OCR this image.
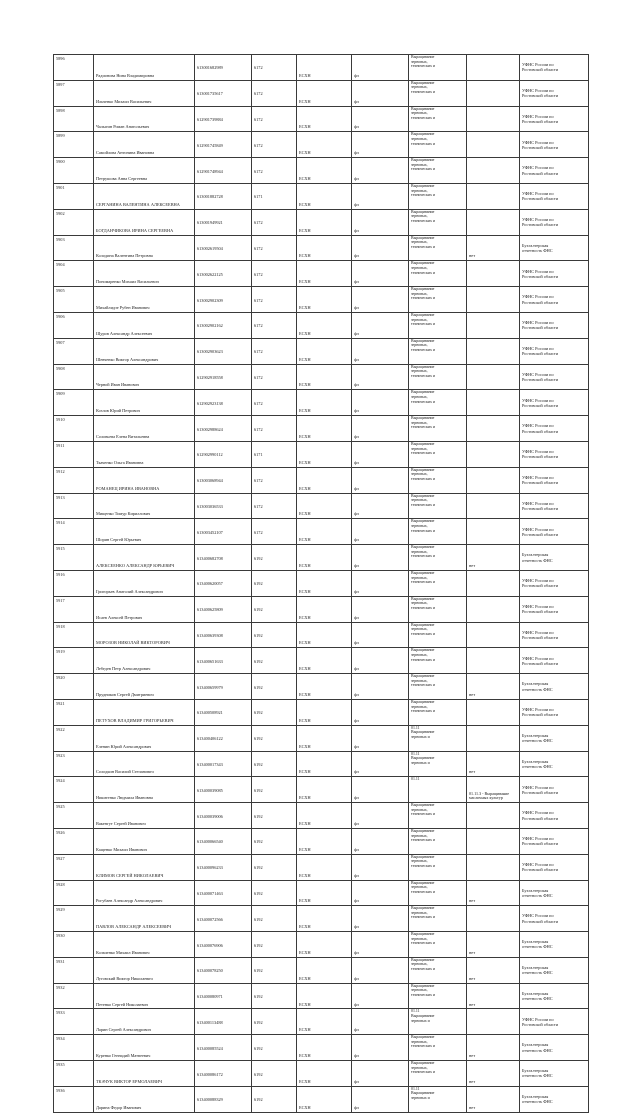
5896	Радионова Нина Владимировна	613001682989	6172	ЕСХН	фл	Выращивание
зерновых,
технических и		УФНС России по
Ростовской области

5897	Ильченко Михаил Васильевич	613001735617	6172	ЕСХН	фл	Выращивание
зерновых,
технических и		УФНС России по
Ростовской области

5898	Чалыгин Роман Анатольевич	612901739884	6172	ЕСХН	фл	Выращивание
зерновых,
технических и		УФНС России по
Ростовской области

5899	Самойлова Антонина Ивановна	612901745849	6172	ЕСХН	фл	Выращивание
зерновых,
технических и		УФНС России по
Ростовской области

5900	Петрушова Анна Сергеевна	612901748944	6172	ЕСХН	фл	Выращивание
зерновых,
технических и		УФНС России по
Ростовской области

5901	СЕРГАНИНА ВАЛЕНТИНА АЛЕКСЕЕВНА	613001882728	6171	ЕСХН	фл	Выращивание
зерновых,
технических и		УФНС России по
Ростовской области

5902	БОГДАНЧИКОВА ИРИНА СЕРГЕЕВНА	613001949921	6172	ЕСХН	фл	Выращивание
зерновых,
технических и		УФНС России по
Ростовской области

5903	Колодина Валентина Петровна	613002619504	6172	ЕСХН	фл	Выращивание
зерновых,
технических и	нет	Бухгалтерская
отчетность ФНС

5904	Пономаренко Михаил Васильевич	613002622125	6172	ЕСХН	фл	Выращивание
зерновых,
технических и		УФНС России по
Ростовской области

5905	Михайлидзе Рубен Иванович	613002902309	6172	ЕСХН	фл	Выращивание
зерновых,
технических и		УФНС России по
Ростовской области

5906	Щуров Александр Алексеевич	613002902162	6172	ЕСХН	фл	Выращивание
зерновых,
технических и		УФНС России по
Ростовской области

5907	Шевченко Виктор Александрович	613002903623	6172	ЕСХН	фл	Выращивание
зерновых,
технических и		УФНС России по
Ростовской области

5908	Черной Иван Иванович	612902918558	6172	ЕСХН	фл	Выращивание
зерновых,
технических и		УФНС России по
Ростовской области

5909	Козлов Юрий Петрович	612902923138	6172	ЕСХН	фл	Выращивание
зерновых,
технических и		УФНС России по
Ростовской области

5910	Соловьева Елена Витальевна	613002988624	6172	ЕСХН	фл	Выращивание
зерновых,
технических и		УФНС России по
Ростовской области

5911	Ткаченко Ольга Ивановна	612902990112	6171	ЕСХН	фл	Выращивание
зерновых,
технических и		УФНС России по
Ростовской области

5912	РОМАНЕЦ ИРИНА ИВАНОВНА	613003068944	6172	ЕСХН	фл	Выращивание
зерновых,
технических и		УФНС России по
Ростовской области

5913	Мищенко Тимур Кириллович	613003036533	6172	ЕСХН	фл	Выращивание
зерновых,
технических и		УФНС России по
Ростовской области

5914	Шорин Сергей Юрьевич	613003452107	6172	ЕСХН	фл	Выращивание
зерновых,
технических и		УФНС России по
Ростовской области

5915	АЛЕКСЕЕНКО АЛЕКСАНДР ЮРЬЕВИЧ	613400682708	6192	ЕСХН	фл	Выращивание
зерновых,
технических и	нет	Бухгалтерская
отчетность ФНС

5916	Григорьев Анатолий Александрович	613400620057	6192	ЕСХН	фл	Выращивание
зерновых,
технических и		УФНС России по
Ростовской области

5917	Исаев Алексей Петрович	613400625809	6192	ЕСХН	фл	Выращивание
зерновых,
технических и		УФНС России по
Ростовской области

5918	МОРОЗОВ НИКОЛАЙ ВИКТОРОВИЧ	613400639308	6192	ЕСХН	фл	Выращивание
зерновых,
технических и		УФНС России по
Ростовской области

5919	Лебедев Петр Александрович	613400651633	6192	ЕСХН	фл	Выращивание
зерновых,
технических и		УФНС России по
Ростовской области

5920	Прудников Сергей Дмитриевич	613400659979	6192	ЕСХН	фл	Выращивание
зерновых,
технических и	нет	Бухгалтерская
отчетность ФНС

5921	ПЕТУХОВ ВЛАДИМИР ГРИГОРЬЕВИЧ	613400508921	6192	ЕСХН	фл	Выращивание
зерновых,
технических и		УФНС России по
Ростовской области

5922	Еленин Юрий Александрович	613400406122	6192	ЕСХН	фл	01.11
Выращивание
зерновых и		Бухгалтерская
отчетность ФНС

5923	Солодкин Василий Степанович	613400017343	6192	ЕСХН	фл	01.11
Выращивание
зерновых и	нет	Бухгалтерская
отчетность ФНС

5924	Никитенко Людмила Ивановна	613400039085	6192	ЕСХН	фл	01.11	01.11.3 - Выращивание масличных культур	УФНС России по
Ростовской области

5925	Вакенгут Сергей Иванович	613400039006	6192	ЕСХН	фл	Выращивание
зерновых,
технических и		УФНС России по
Ростовской области

5926	Кащенко Михаил Иванович	613400066540	6192	ЕСХН	фл	Выращивание
зерновых,
технических и		УФНС России по
Ростовской области

5927	КЛИМОВ СЕРГЕЙ НИКОЛАЕВИЧ	613400096233	6192	ЕСХН	фл	Выращивание
зерновых,
технических и		УФНС России по
Ростовской области

5928	Рогубаев Александр Александрович	613400071463	6192	ЕСХН	фл	Выращивание
зерновых,
технических и	нет	Бухгалтерская
отчетность ФНС

5929	ПАВЛОВ АЛЕКСАНДР АЛЕКСЕЕВИЧ	613400072566	6192	ЕСХН	фл	Выращивание
зерновых,
технических и		УФНС России по
Ростовской области

5930	Кольченко Михаил Иванович	613400076906	6192	ЕСХН	фл	Выращивание
зерновых,
технических и	нет	Бухгалтерская
отчетность ФНС

5931	Луговский Виктор Николаевич	613400078250	6192	ЕСХН	фл	Выращивание
зерновых,
технических и	нет	Бухгалтерская
отчетность ФНС

5932	Петенко Сергей Николаевич	613400080971	6192	ЕСХН	фл	Выращивание
зерновых,
технических и	нет	Бухгалтерская
отчетность ФНС

5933	Ларин Сергей Александрович	613400113488	6192	ЕСХН	фл	01.11
Выращивание
зерновых и		УФНС России по
Ростовской области

5934	Куренко Геннадий Матвеевич	613400085524	6192	ЕСХН	фл	Выращивание
зерновых,
технических и	нет	Бухгалтерская
отчетность ФНС

5935	ТКАЧУК ВИКТОР ЕРМОЛАЕВИЧ	613400086172	6192	ЕСХН	фл	Выращивание
зерновых,
технических и	нет	Бухгалтерская
отчетность ФНС

5936	Дарина Федор Иванович	613400088329	6192	ЕСХН	фл	01.11
Выращивание
зерновых и	нет	Бухгалтерская
отчетность ФНС
